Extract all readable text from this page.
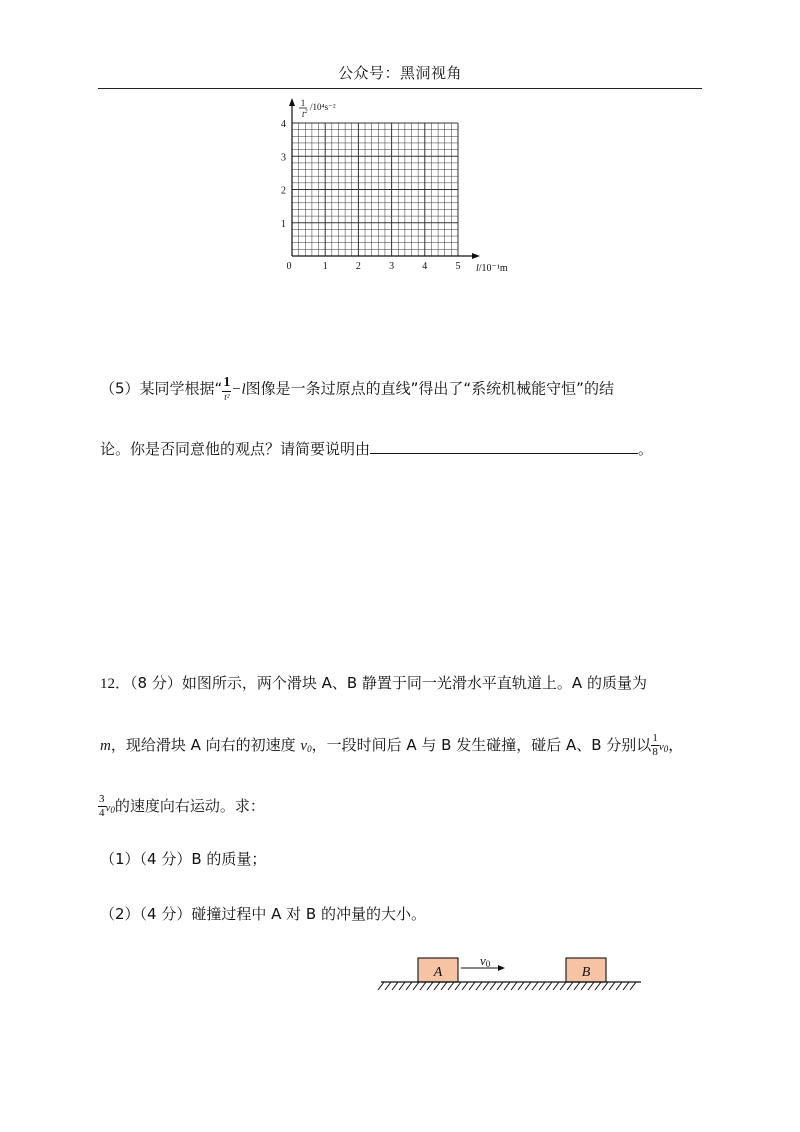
公众号：黑洞视角
1
$t^2$ /10⁴s⁻²
l/10⁻¹m
0	1	2	3	4	5
1
2
3
4
（5）某同学根据“ $\frac{1}{\text{t²}} -l$图像是一条过原点的直线”得出了“系统机械能守恒”的结
论。你是否同意他的观点？请简要说明由	。
12．（8 分）如图所示，两个滑块 A、B 静置于同一光滑水平直轨道上。A 的质量为
m，现给滑块 A 向右的初速度 $v_0$，一段时间后 A 与 B 发生碰撞，碰后 A、B 分别以 $\frac{1}{8} v_0$，
$\frac{3}{4} v_0$的速度向右运动。求：
（1）（4 分）B 的质量；
（2）（4 分）碰撞过程中 A 对 B 的冲量的大小。
A	B
v0
